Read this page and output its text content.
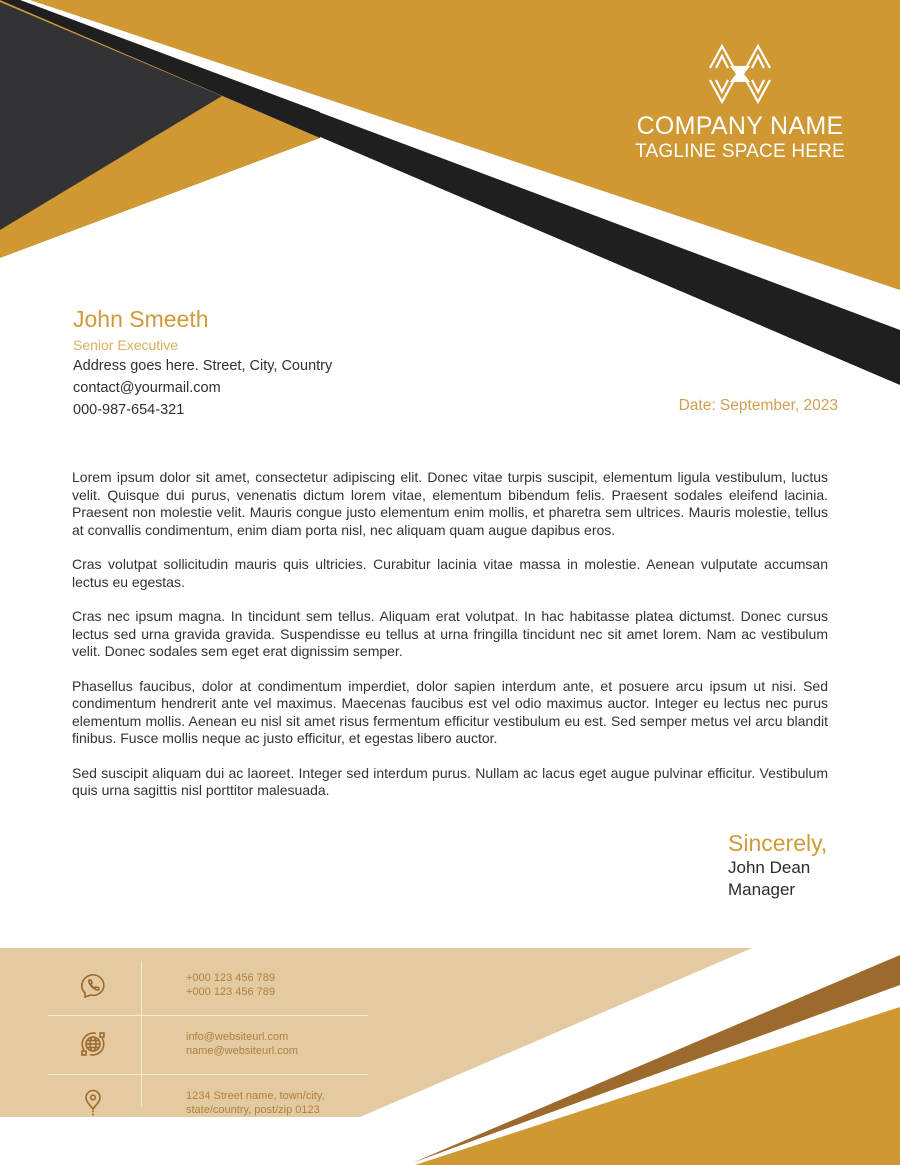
COMPANY NAME
TAGLINE SPACE HERE
John Smeeth
Senior Executive
Address goes here. Street, City, Country
contact@yourmail.com
000-987-654-321	Date: September, 2023

Lorem ipsum dolor sit amet, consectetur adipiscing elit. Donec vitae turpis suscipit, elementum ligula vestibulum, luctus velit. Quisque dui purus, venenatis dictum lorem vitae, elementum bibendum felis. Praesent sodales eleifend lacinia. Praesent non molestie velit. Mauris congue justo elementum enim mollis, et pharetra sem ultrices. Mauris molestie, tellus at convallis condimentum, enim diam porta nisl, nec aliquam quam augue dapibus eros.

Cras volutpat sollicitudin mauris quis ultricies. Curabitur lacinia vitae massa in molestie. Aenean vulputate accumsan lectus eu egestas.

Cras nec ipsum magna. In tincidunt sem tellus. Aliquam erat volutpat. In hac habitasse platea dictumst. Donec cursus lectus sed urna gravida gravida. Suspendisse eu tellus at urna fringilla tincidunt nec sit amet lorem. Nam ac vestibulum velit. Donec sodales sem eget erat dignissim semper.

Phasellus faucibus, dolor at condimentum imperdiet, dolor sapien interdum ante, et posuere arcu ipsum ut nisi. Sed condimentum hendrerit ante vel maximus. Maecenas faucibus est vel odio maximus auctor. Integer eu lectus nec purus elementum mollis. Aenean eu nisl sit amet risus fermentum efficitur vestibulum eu est. Sed semper metus vel arcu blandit finibus. Fusce mollis neque ac justo efficitur, et egestas libero auctor.

Sed suscipit aliquam dui ac laoreet. Integer sed interdum purus. Nullam ac lacus eget augue pulvinar efficitur. Vestibulum quis urna sagittis nisl porttitor malesuada.

Sincerely,
John Dean
Manager
+000 123 456 789
+000 123 456 789
info@websiteurl.com
name@websiteurl.com
1234 Street name, town/city,
state/country, post/zip 0123
